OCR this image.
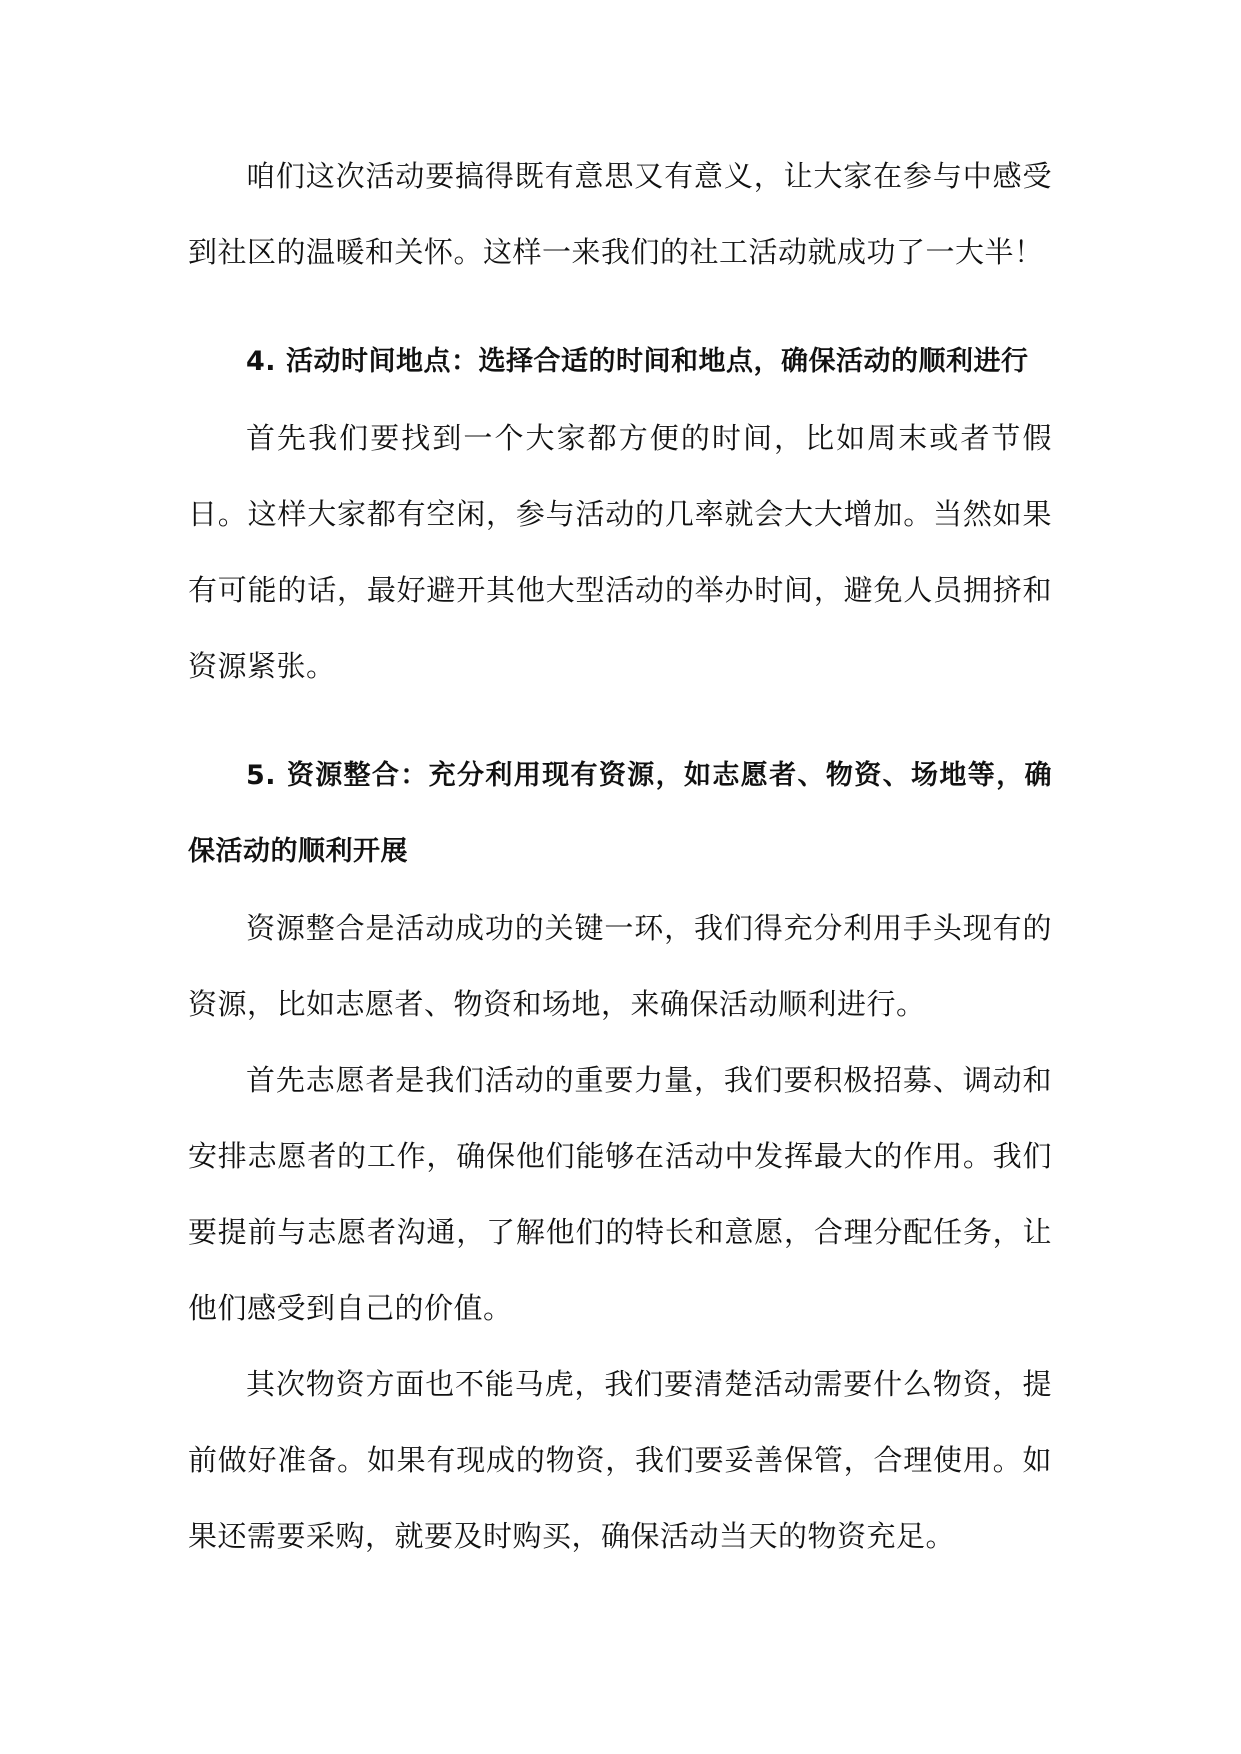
咱们这次活动要搞得既有意思又有意义，让大家在参与中感受到社区的温暖和关怀。这样一来我们的社工活动就成功了一大半！

4. 活动时间地点：选择合适的时间和地点，确保活动的顺利进行

首先我们要找到一个大家都方便的时间，比如周末或者节假日。这样大家都有空闲，参与活动的几率就会大大增加。当然如果有可能的话，最好避开其他大型活动的举办时间，避免人员拥挤和资源紧张。

5. 资源整合：充分利用现有资源，如志愿者、物资、场地等，确保活动的顺利开展

资源整合是活动成功的关键一环，我们得充分利用手头现有的资源，比如志愿者、物资和场地，来确保活动顺利进行。

首先志愿者是我们活动的重要力量，我们要积极招募、调动和安排志愿者的工作，确保他们能够在活动中发挥最大的作用。我们要提前与志愿者沟通，了解他们的特长和意愿，合理分配任务，让他们感受到自己的价值。

其次物资方面也不能马虎，我们要清楚活动需要什么物资，提前做好准备。如果有现成的物资，我们要妥善保管，合理使用。如果还需要采购，就要及时购买，确保活动当天的物资充足。
